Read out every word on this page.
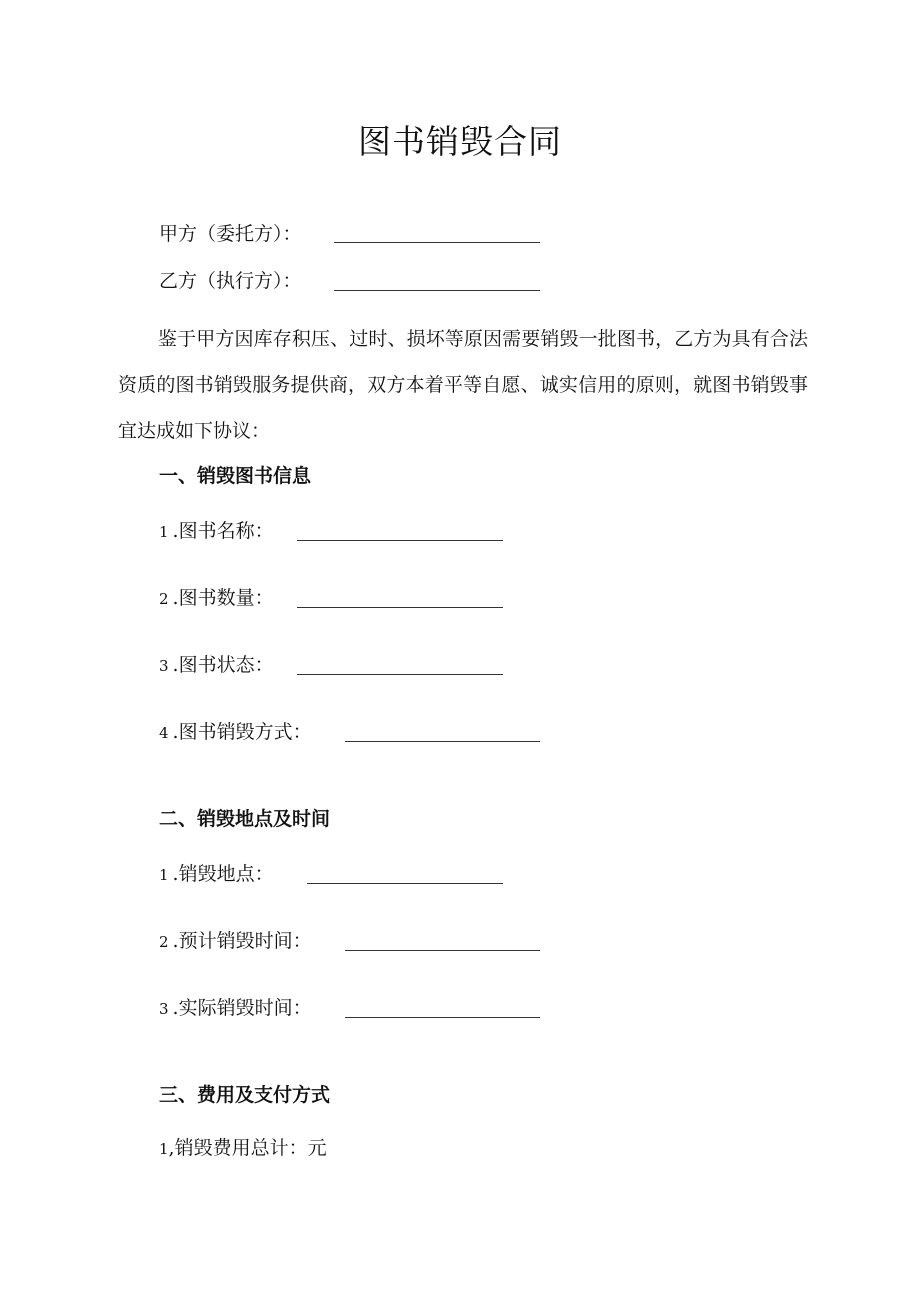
图书销毁合同
甲方（委托方）：
乙方（执行方）：
鉴于甲方因库存积压、过时、损坏等原因需要销毁一批图书，乙方为具有合法资质的图书销毁服务提供商，双方本着平等自愿、诚实信用的原则，就图书销毁事宜达成如下协议：
一、销毁图书信息
1 .图书名称：
2 .图书数量：
3 .图书状态：
4 .图书销毁方式：
二、销毁地点及时间
1 .销毁地点：
2 .预计销毁时间：
3 .实际销毁时间：
三、费用及支付方式
1,销毁费用总计：元
